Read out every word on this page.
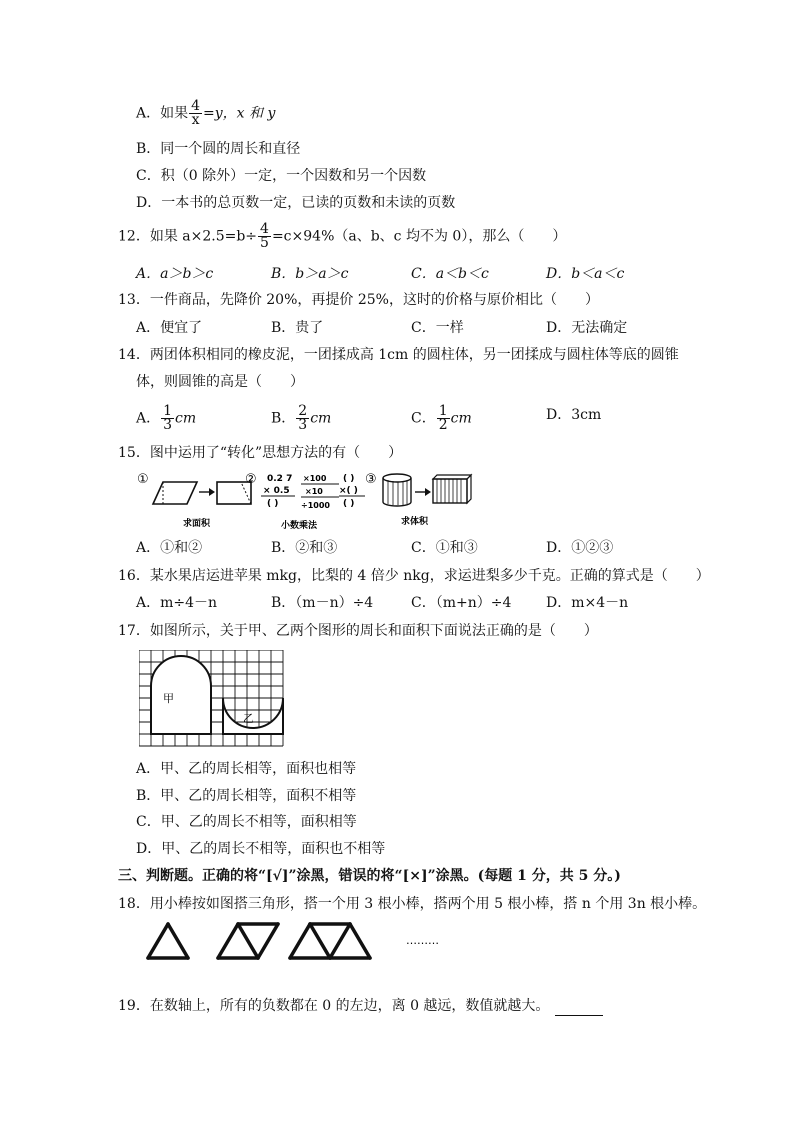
A．如果 $\frac{4}{x} =y$，x 和 y
B．同一个圆的周长和直径
C．积（0 除外）一定，一个因数和另一个因数
D．一本书的总页数一定，已读的页数和未读的页数
12．如果 $a\times 2.5=b\div \frac{4}{5} =c\times 94\%(a$、b、c 均不为 0），那么（　　）
A．a＞b＞c	B．b＞a＞c	C．a＜b＜c	D．b＜a＜c
13．一件商品，先降价 20%，再提价 25%，这时的价格与原价相比（　　）
A．便宜了	B．贵了	C．一样	D．无法确定
14．两团体积相同的橡皮泥，一团揉成高 1cm 的圆柱体，另一团揉成与圆柱体等底的圆锥
体，则圆锥的高是（　　）
A． $\frac{1}{3}$ cm	B． $\frac{2}{3}$ cm	C． $\frac{1}{2}$ cm	D．3cm
15．图中运用了“转化”思想方法的有（　　）
①
求面积
② 0.2 7
× 0.5
( )
×100
×10
÷1000
( )
×( )
( )
小数乘法
③
求体积
A．①和②	B．②和③	C．①和③	D．①②③
16．某水果店运进苹果 mkg，比梨的 4 倍少 nkg，求运进梨多少千克。正确的算式是（　　）
A．m÷4－n	B．（m－n）÷4	C．（m+n）÷4 D．m×4－n
17．如图所示，关于甲、乙两个图形的周长和面积下面说法正确的是（　　）
甲
乙
A．甲、乙的周长相等，面积也相等
B．甲、乙的周长相等，面积不相等
C．甲、乙的周长不相等，面积相等
D．甲、乙的周长不相等，面积也不相等
三、判断题。正确的将“[√]”涂黑，错误的将“[×]”涂黑。(每题 1 分，共 5 分。)
18．用小棒按如图搭三角形，搭一个用 3 根小棒，搭两个用 5 根小棒，搭 n 个用 3n 根小棒。
………
19．在数轴上，所有的负数都在 0 的左边，离 0 越远，数值就越大。
